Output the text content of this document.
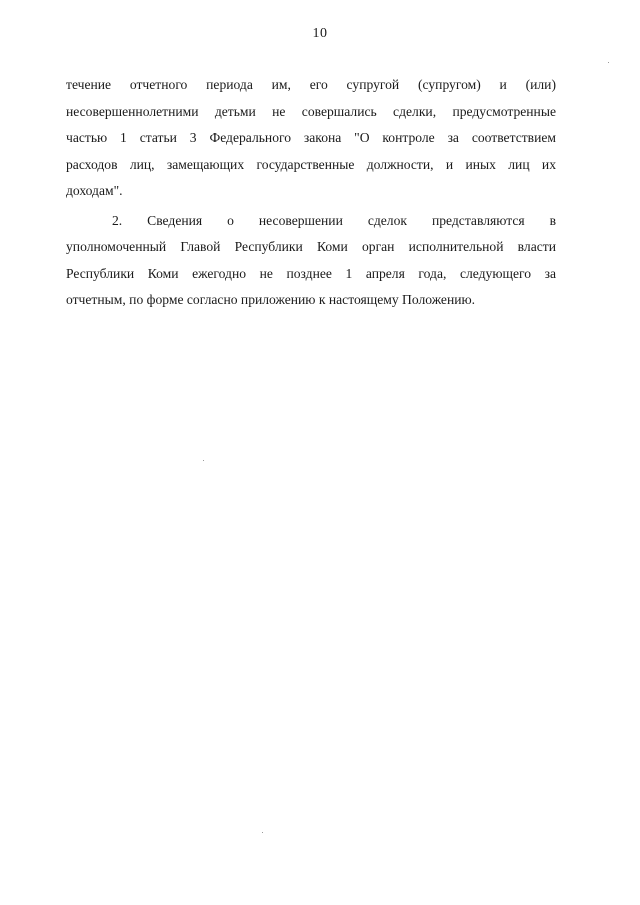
10
течение отчетного периода им, его супругой (супругом) и (или)
несовершеннолетними детьми не совершались сделки, предусмотренные
частью 1 статьи 3 Федерального закона "О контроле за соответствием
расходов лиц, замещающих государственные должности, и иных лиц их
доходам".
2. Сведения о несовершении сделок представляются в
уполномоченный Главой Республики Коми орган исполнительной власти
Республики Коми ежегодно не позднее 1 апреля года, следующего за
отчетным, по форме согласно приложению к настоящему Положению.
